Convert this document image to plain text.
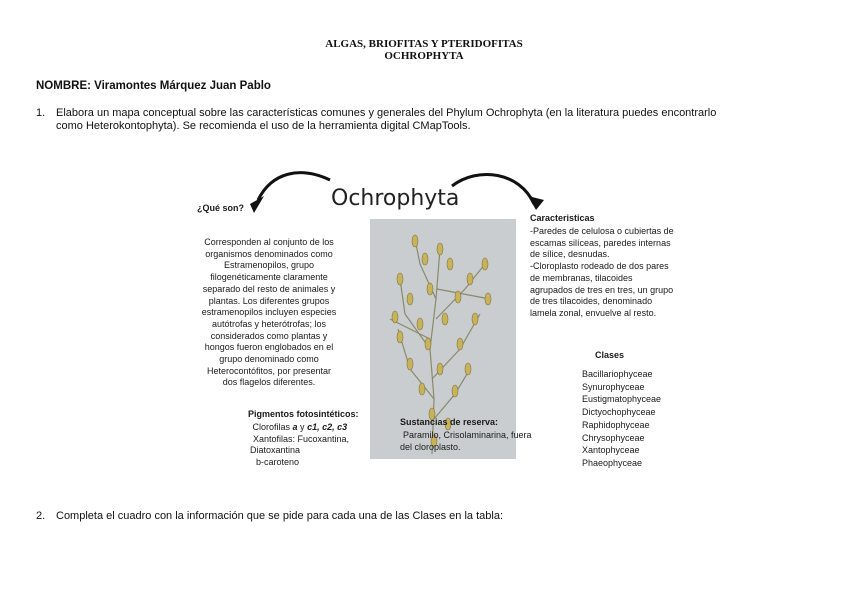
ALGAS, BRIOFITAS Y PTERIDOFITAS
OCHROPHYTA
NOMBRE: Viramontes Márquez Juan Pablo
1. Elabora un mapa conceptual sobre las características comunes y generales del Phylum Ochrophyta (en la literatura puedes encontrarlo
como Heterokontophyta). Se recomienda el uso de la herramienta digital CMapTools.
Ochrophyta
¿Qué son?
Corresponden al conjunto de los
organismos denominados como
Estramenopilos, grupo
filogenéticamente claramente
separado del resto de animales y
plantas. Los diferentes grupos
estramenopilos incluyen especies
autótrofas y heterótrofas; los
considerados como plantas y
hongos fueron englobados en el
grupo denominado como
Heterocontófitos, por presentar
dos flagelos diferentes.
Caracteristicas
-Paredes de celulosa o cubiertas de
escamas silíceas, paredes internas
de sílice, desnudas.
-Cloroplasto rodeado de dos pares
de membranas, tilacoides
agrupados de tres en tres, un grupo
de tres tilacoides, denominado
lamela zonal, envuelve al resto.
Clases
Bacillariophyceae
Synurophyceae
Eustigmatophyceae
Dictyochophyceae
Raphidophyceae
Chrysophyceae
Xantophyceae
Phaeophyceae
Pigmentos fotosintéticos:
Clorofilas a y c1, c2, c3
Xantofilas: Fucoxantina,
Diatoxantina
b-caroteno
Sustancias de reserva:
Paramilo, Crisolaminarina, fuera
del cloroplasto.
2. Completa el cuadro con la información que se pide para cada una de las Clases en la tabla:
